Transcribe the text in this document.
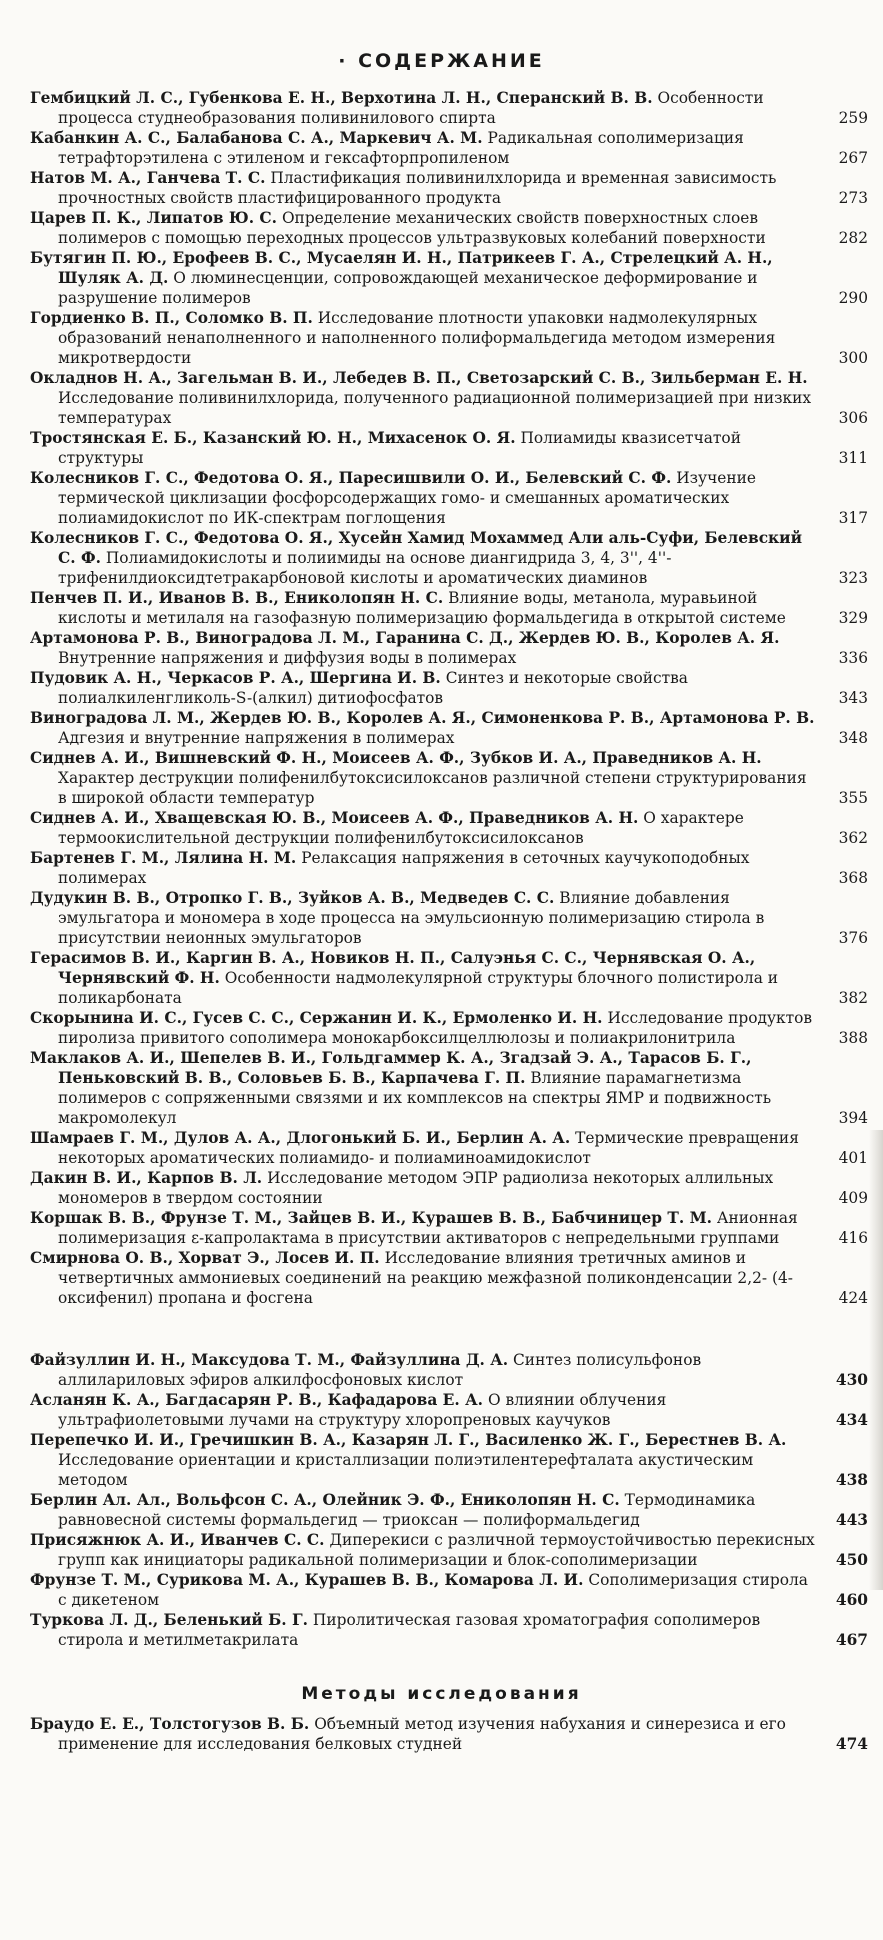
· СОДЕРЖАНИЕ
Гембицкий Л. С., Губенкова Е. Н., Верхотина Л. Н., Сперанский В. В. Особенности процесса студнеобразования поливинилового спирта	259
Кабанкин А. С., Балабанова С. А., Маркевич А. М. Радикальная сополимеризация тетрафторэтилена с этиленом и гексафторпропиленом	267
Натов М. А., Ганчева Т. С. Пластификация поливинилхлорида и временная зависимость прочностных свойств пластифицированного продукта	273
Царев П. К., Липатов Ю. С. Определение механических свойств поверхностных слоев полимеров с помощью переходных процессов ультразвуковых колебаний поверхности	282
Бутягин П. Ю., Ерофеев В. С., Мусаелян И. Н., Патрикеев Г. А., Стрелецкий А. Н., Шуляк А. Д. О люминесценции, сопровождающей механическое деформирование и разрушение полимеров	290
Гордиенко В. П., Соломко В. П. Исследование плотности упаковки надмолекулярных образований ненаполненного и наполненного полиформальдегида методом измерения микротвердости	300
Окладнов Н. А., Загельман В. И., Лебедев В. П., Светозарский С. В., Зильберман Е. Н. Исследование поливинилхлорида, полученного радиационной полимеризацией при низких температурах	306
Тростянская Е. Б., Казанский Ю. Н., Михасенок О. Я. Полиамиды квазисетчатой структуры	311
Колесников Г. С., Федотова О. Я., Паресишвили О. И., Белевский С. Ф. Изучение термической циклизации фосфорсодержащих гомо- и смешанных ароматических полиамидокислот по ИК-спектрам поглощения	317
Колесников Г. С., Федотова О. Я., Хусейн Хамид Мохаммед Али аль-Суфи, Белевский С. Ф. Полиамидокислоты и полиимиды на основе диангидрида 3, 4, 3'', 4''-трифенилдиоксидтетракарбоновой кислоты и ароматических диаминов	323
Пенчев П. И., Иванов В. В., Ениколопян Н. С. Влияние воды, метанола, муравьиной кислоты и метилаля на газофазную полимеризацию формальдегида в открытой системе	329
Артамонова Р. В., Виноградова Л. М., Гаранина С. Д., Жердев Ю. В., Королев А. Я. Внутренние напряжения и диффузия воды в полимерах	336
Пудовик А. Н., Черкасов Р. А., Шергина И. В. Синтез и некоторые свойства полиалкиленгликоль-S-(алкил) дитиофосфатов	343
Виноградова Л. М., Жердев Ю. В., Королев А. Я., Симоненкова Р. В., Артамонова Р. В. Адгезия и внутренние напряжения в полимерах	348
Сиднев А. И., Вишневский Ф. Н., Моисеев А. Ф., Зубков И. А., Праведников А. Н. Характер деструкции полифенилбутоксисилоксанов различной степени структурирования в широкой области температур	355
Сиднев А. И., Хващевская Ю. В., Моисеев А. Ф., Праведников А. Н. О характере термоокислительной деструкции полифенилбутоксисилоксанов	362
Бартенев Г. М., Лялина Н. М. Релаксация напряжения в сеточных каучукоподобных полимерах	368
Дудукин В. В., Отропко Г. В., Зуйков А. В., Медведев С. С. Влияние добавления эмульгатора и мономера в ходе процесса на эмульсионную полимеризацию стирола в присутствии неионных эмульгаторов	376
Герасимов В. И., Каргин В. А., Новиков Н. П., Салуэнья С. С., Чернявская О. А., Чернявский Ф. Н. Особенности надмолекулярной структуры блочного полистирола и поликарбоната	382
Скорынина И. С., Гусев С. С., Сержанин И. К., Ермоленко И. Н. Исследование продуктов пиролиза привитого сополимера монокарбоксилцеллюлозы и полиакрилонитрила	388
Маклаков А. И., Шепелев В. И., Гольдгаммер К. А., Згадзай Э. А., Тарасов Б. Г., Пеньковский В. В., Соловьев Б. В., Карпачева Г. П. Влияние парамагнетизма полимеров с сопряженными связями и их комплексов на спектры ЯМР и подвижность макромолекул	394
Шамраев Г. М., Дулов А. А., Длогонький Б. И., Берлин А. А. Термические превращения некоторых ароматических полиамидо- и полиаминоамидокислот	401
Дакин В. И., Карпов В. Л. Исследование методом ЭПР радиолиза некоторых аллильных мономеров в твердом состоянии	409
Коршак В. В., Фрунзе Т. М., Зайцев В. И., Курашев В. В., Бабчиницер Т. М. Анионная полимеризация ε-капролактама в присутствии активаторов с непредельными группами	416
Смирнова О. В., Хорват Э., Лосев И. П. Исследование влияния третичных аминов и четвертичных аммониевых соединений на реакцию межфазной поликонденсации 2,2- (4-оксифенил) пропана и фосгена	424
Файзуллин И. Н., Максудова Т. М., Файзуллина Д. А. Синтез полисульфонов аллилариловых эфиров алкилфосфоновых кислот	430
Асланян К. А., Багдасарян Р. В., Кафадарова Е. А. О влиянии облучения ультрафиолетовыми лучами на структуру хлоропреновых каучуков	434
Перепечко И. И., Гречишкин В. А., Казарян Л. Г., Василенко Ж. Г., Берестнев В. А. Исследование ориентации и кристаллизации полиэтилентерефталата акустическим методом	438
Берлин Ал. Ал., Вольфсон С. А., Олейник Э. Ф., Ениколопян Н. С. Термодинамика равновесной системы формальдегид — триоксан — полиформальдегид	443
Присяжнюк А. И., Иванчев С. С. Диперекиси с различной термоустойчивостью перекисных групп как инициаторы радикальной полимеризации и блок-сополимеризации	450
Фрунзе Т. М., Сурикова М. А., Курашев В. В., Комарова Л. И. Сополимеризация стирола с дикетеном	460
Туркова Л. Д., Беленький Б. Г. Пиролитическая газовая хроматография сополимеров стирола и метилметакрилата	467
Методы исследования
Браудо Е. Е., Толстогузов В. Б. Объемный метод изучения набухания и синерезиса и его применение для исследования белковых студней	474
